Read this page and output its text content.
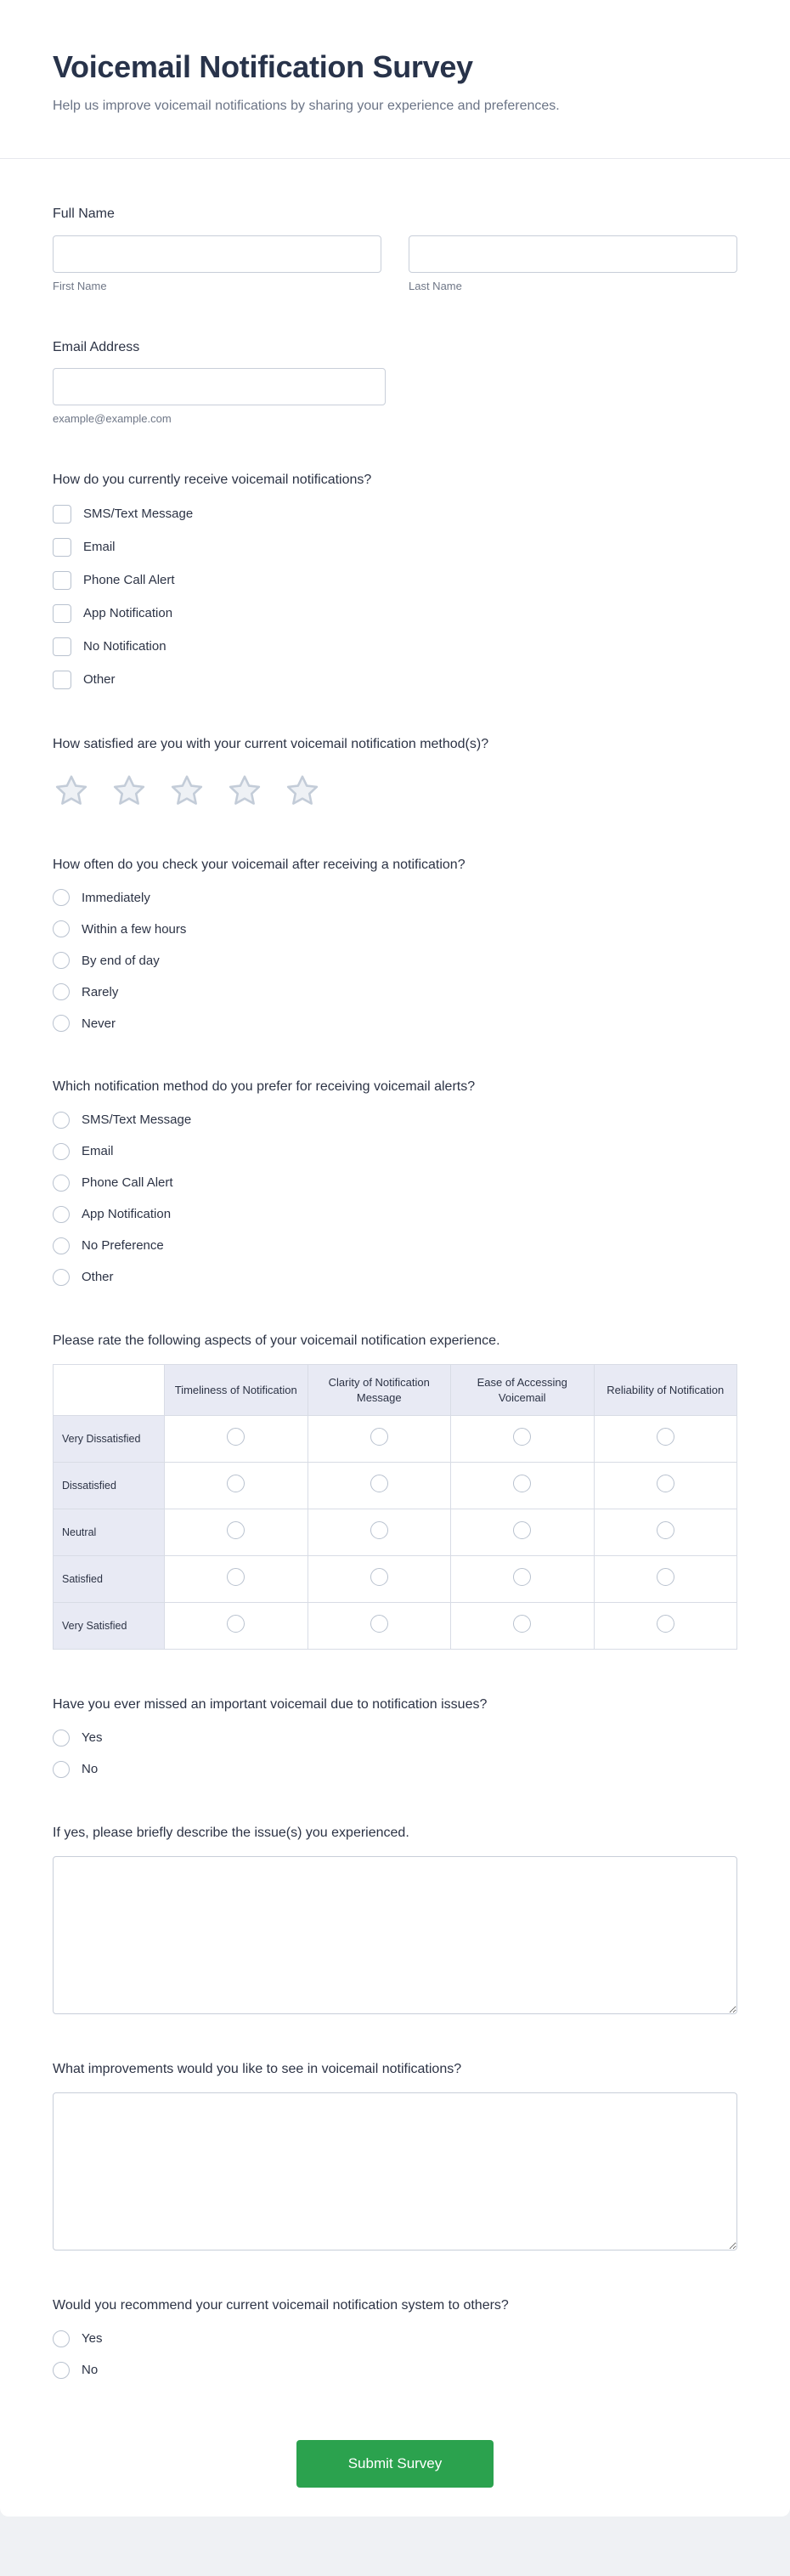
Voicemail Notification Survey

Help us improve voicemail notifications by sharing your experience and preferences.

Full Name
First Name	Last Name
Email Address
example@example.com
How do you currently receive voicemail notifications?
SMS/Text Message
Email
Phone Call Alert
App Notification
No Notification
Other
How satisfied are you with your current voicemail notification method(s)?
How often do you check your voicemail after receiving a notification?
Immediately
Within a few hours
By end of day
Rarely
Never
Which notification method do you prefer for receiving voicemail alerts?
SMS/Text Message
Email
Phone Call Alert
App Notification
No Preference
Other
Please rate the following aspects of your voicemail notification experience.
	Timeliness of Notification	Clarity of Notification Message	Ease of Accessing Voicemail	Reliability of Notification
Very Dissatisfied				
Dissatisfied				
Neutral				
Satisfied				
Very Satisfied				
Have you ever missed an important voicemail due to notification issues?
Yes
No
If yes, please briefly describe the issue(s) you experienced.
What improvements would you like to see in voicemail notifications?
Would you recommend your current voicemail notification system to others?
Yes
No
Submit Survey
